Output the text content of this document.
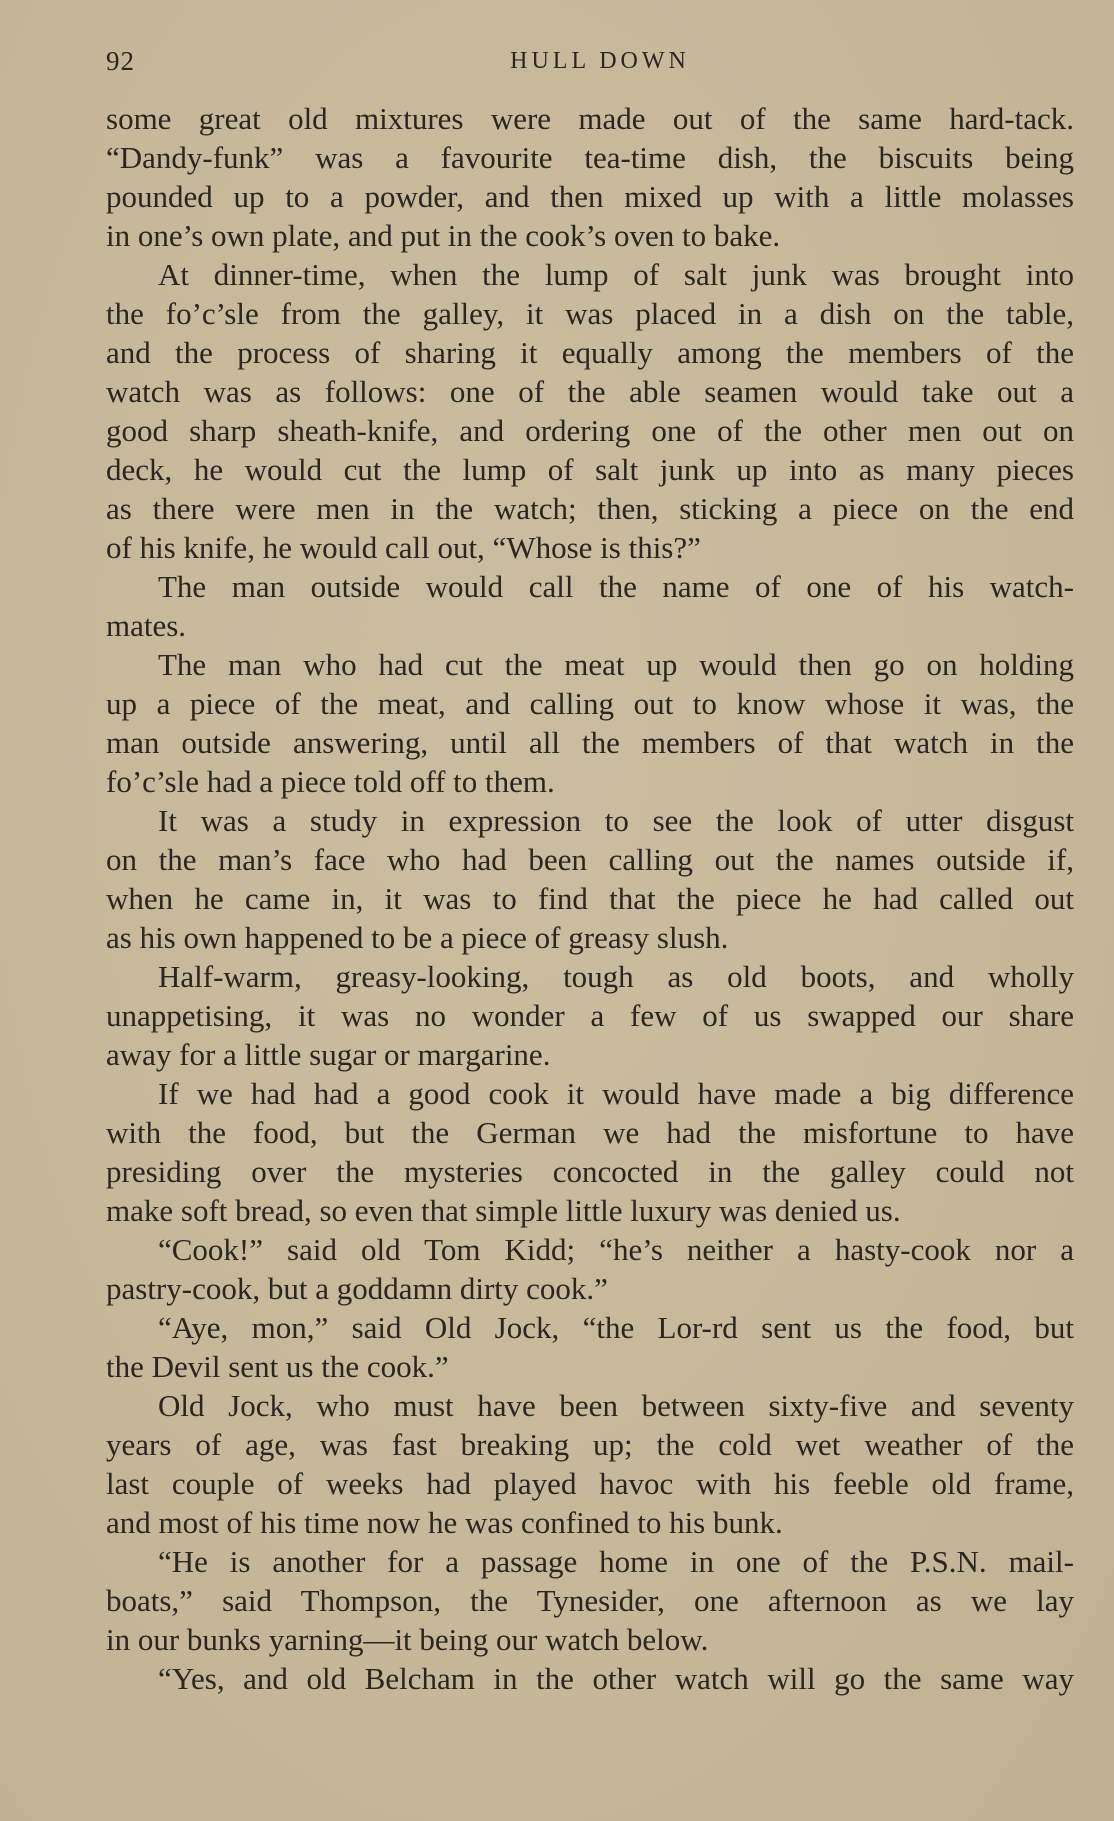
92	HULL DOWN

some great old mixtures were made out of the same hard-tack.

“Dandy-funk” was a favourite tea-time dish, the biscuits being

pounded up to a powder, and then mixed up with a little molasses

in one’s own plate, and put in the cook’s oven to bake.

At dinner-time, when the lump of salt junk was brought into

the fo’c’sle from the galley, it was placed in a dish on the table,

and the process of sharing it equally among the members of the

watch was as follows: one of the able seamen would take out a

good sharp sheath-knife, and ordering one of the other men out on

deck, he would cut the lump of salt junk up into as many pieces

as there were men in the watch; then, sticking a piece on the end

of his knife, he would call out, “Whose is this?”

The man outside would call the name of one of his watch-

mates.

The man who had cut the meat up would then go on holding

up a piece of the meat, and calling out to know whose it was, the

man outside answering, until all the members of that watch in the

fo’c’sle had a piece told off to them.

It was a study in expression to see the look of utter disgust

on the man’s face who had been calling out the names outside if,

when he came in, it was to find that the piece he had called out

as his own happened to be a piece of greasy slush.

Half-warm, greasy-looking, tough as old boots, and wholly

unappetising, it was no wonder a few of us swapped our share

away for a little sugar or margarine.

If we had had a good cook it would have made a big difference

with the food, but the German we had the misfortune to have

presiding over the mysteries concocted in the galley could not

make soft bread, so even that simple little luxury was denied us.

“Cook!” said old Tom Kidd; “he’s neither a hasty-cook nor a

pastry-cook, but a goddamn dirty cook.”

“Aye, mon,” said Old Jock, “the Lor-rd sent us the food, but

the Devil sent us the cook.”

Old Jock, who must have been between sixty-five and seventy

years of age, was fast breaking up; the cold wet weather of the

last couple of weeks had played havoc with his feeble old frame,

and most of his time now he was confined to his bunk.

“He is another for a passage home in one of the P.S.N. mail-

boats,” said Thompson, the Tynesider, one afternoon as we lay

in our bunks yarning—it being our watch below.

“Yes, and old Belcham in the other watch will go the same way
